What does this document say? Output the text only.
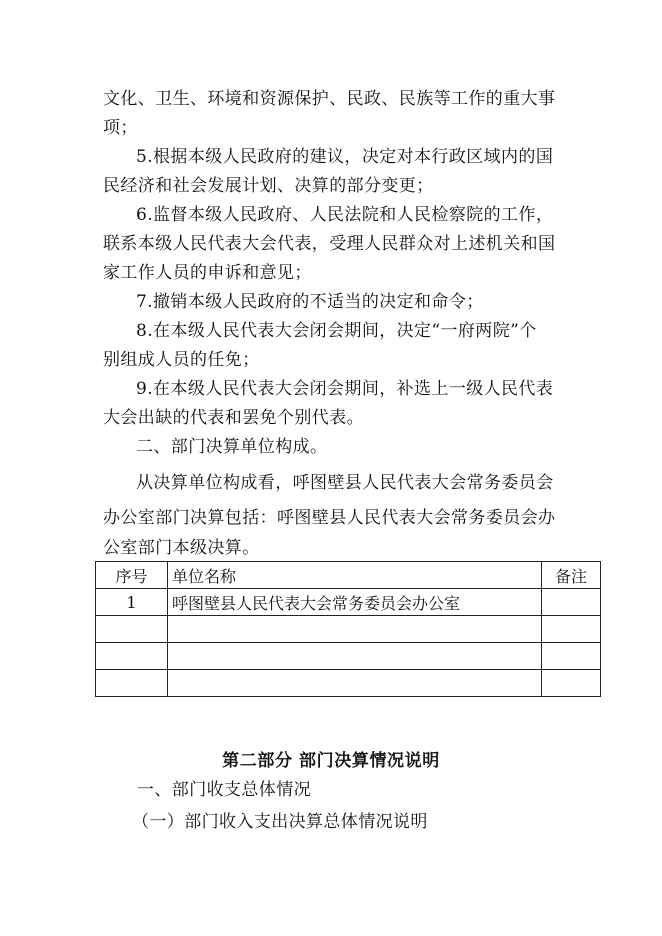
文化、卫生、环境和资源保护、民政、民族等工作的重大事
项；
5.根据本级人民政府的建议，决定对本行政区域内的国
民经济和社会发展计划、决算的部分变更；
6.监督本级人民政府、人民法院和人民检察院的工作，
联系本级人民代表大会代表，受理人民群众对上述机关和国
家工作人员的申诉和意见；
7.撤销本级人民政府的不适当的决定和命令；
8.在本级人民代表大会闭会期间，决定“一府两院”个
别组成人员的任免；
9.在本级人民代表大会闭会期间，补选上一级人民代表
大会出缺的代表和罢免个别代表。
二、部门决算单位构成。
从决算单位构成看，呼图壁县人民代表大会常务委员会
办公室部门决算包括：呼图壁县人民代表大会常务委员会办
公室部门本级决算。
序号	单位名称	备注
1	呼图壁县人民代表大会常务委员会办公室	

第二部分 部门决算情况说明
一、部门收支总体情况
（一）部门收入支出决算总体情况说明
